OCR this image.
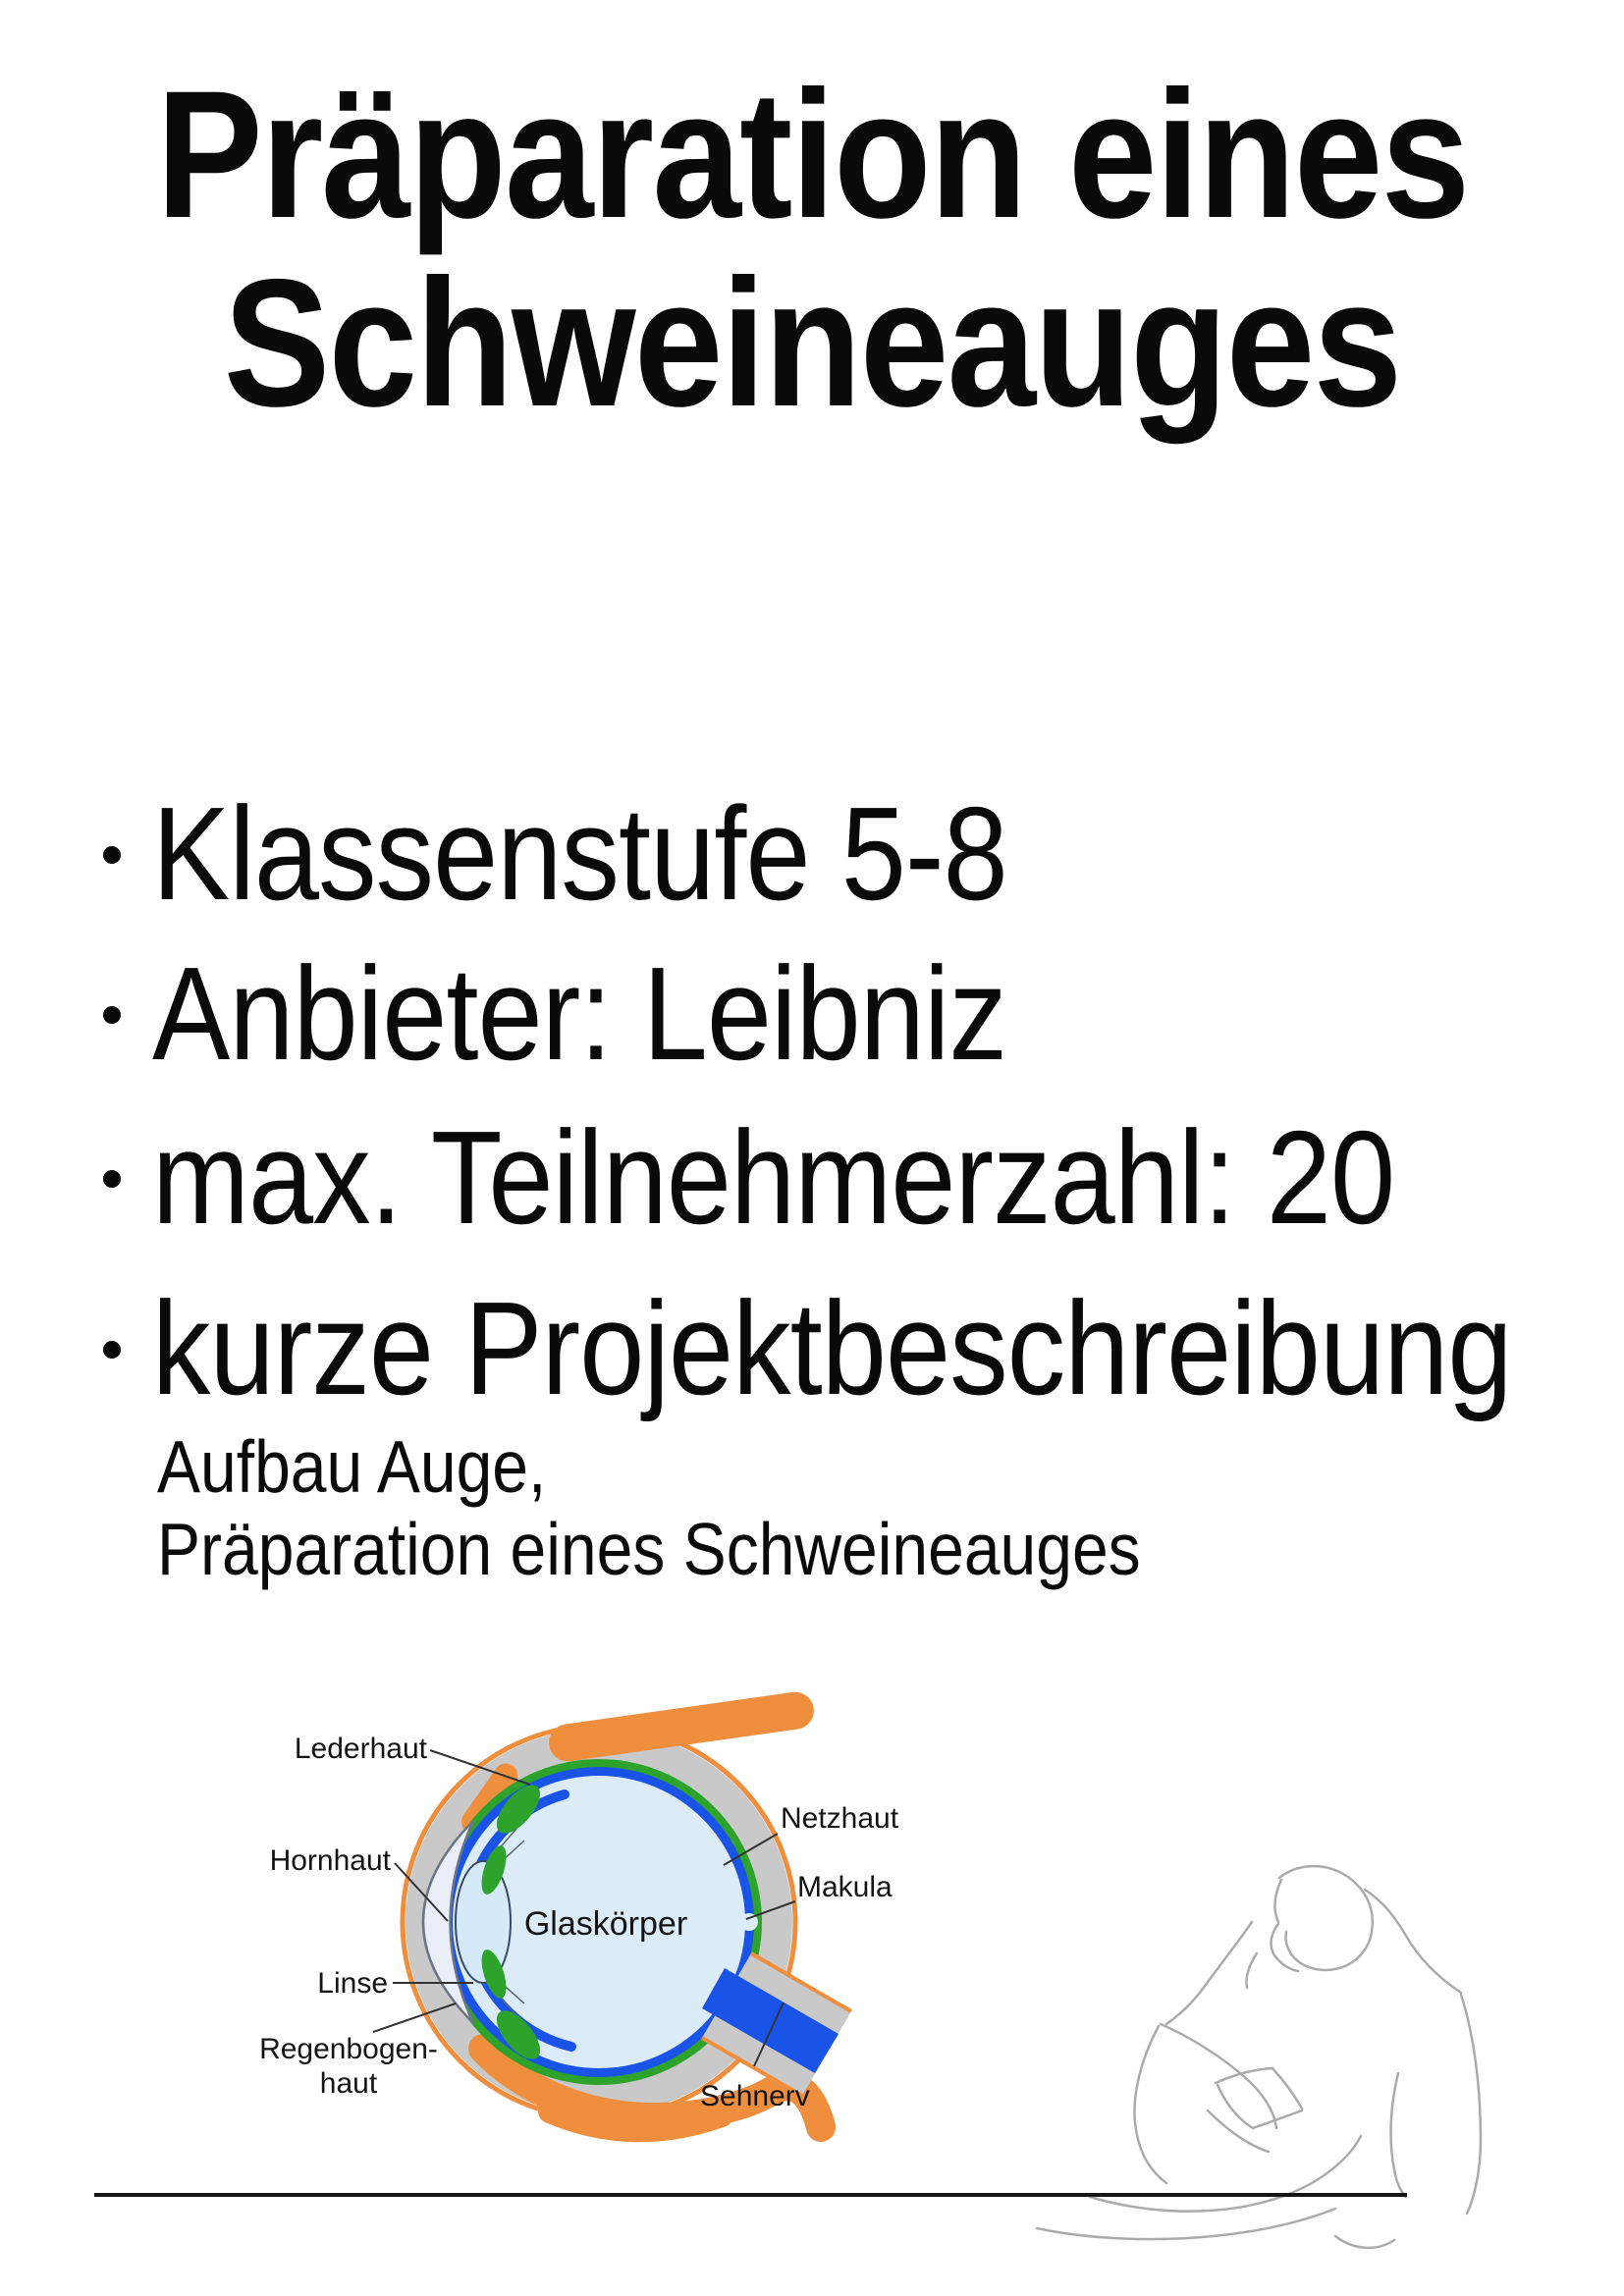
Präparation eines
Schweineauges
Klassenstufe 5-8
Anbieter: Leibniz
max. Teilnehmerzahl: 20
kurze Projektbeschreibung
Aufbau Auge,
Präparation eines Schweineauges
Lederhaut
Hornhaut
Linse
Regenbogen-
haut
Glaskörper
Netzhaut
Makula
Sehnerv
